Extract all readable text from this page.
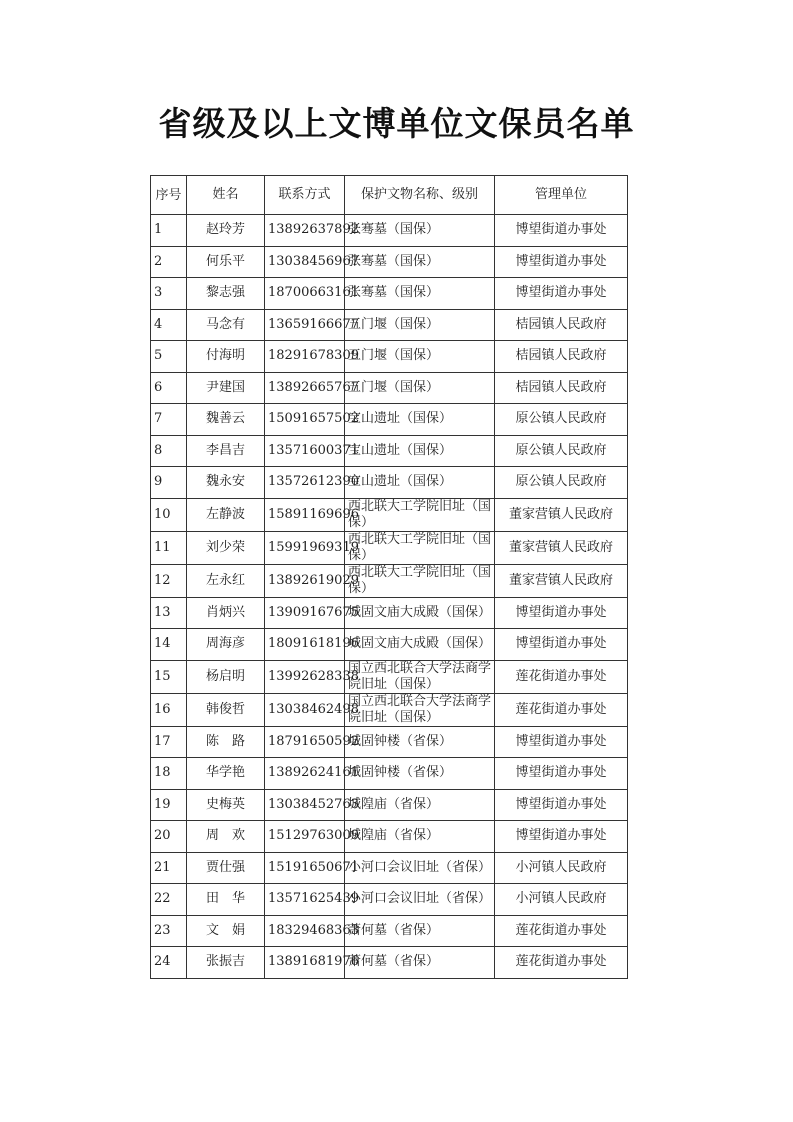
省级及以上文博单位文保员名单
序号	姓名	联系方式	保护文物名称、级别	管理单位
1	赵玲芳	13892637892	张骞墓（国保）	博望街道办事处
2	何乐平	13038456967	张骞墓（国保）	博望街道办事处
3	黎志强	18700663161	张骞墓（国保）	博望街道办事处
4	马念有	13659166677	五门堰（国保）	桔园镇人民政府
5	付海明	18291678309	五门堰（国保）	桔园镇人民政府
6	尹建国	13892665767	五门堰（国保）	桔园镇人民政府
7	魏善云	15091657502	宝山遗址（国保）	原公镇人民政府
8	李昌吉	13571600371	宝山遗址（国保）	原公镇人民政府
9	魏永安	13572612390	宝山遗址（国保）	原公镇人民政府
10	左静波	15891169696	西北联大工学院旧址（国保）	董家营镇人民政府
11	刘少荣	15991969319	西北联大工学院旧址（国保）	董家营镇人民政府
12	左永红	13892619029	西北联大工学院旧址（国保）	董家营镇人民政府
13	肖炳兴	13909167675	城固文庙大成殿（国保）	博望街道办事处
14	周海彦	18091618196	城固文庙大成殿（国保）	博望街道办事处
15	杨启明	13992628338	国立西北联合大学法商学院旧址（国保）	莲花街道办事处
16	韩俊哲	13038462498	国立西北联合大学法商学院旧址（国保）	莲花街道办事处
17	陈　路	18791650592	城固钟楼（省保）	博望街道办事处
18	华学艳	13892624161	城固钟楼（省保）	博望街道办事处
19	史梅英	13038452763	城隍庙（省保）	博望街道办事处
20	周　欢	15129763009	城隍庙（省保）	博望街道办事处
21	贾仕强	15191650671	小河口会议旧址（省保）	小河镇人民政府
22	田　华	13571625439	小河口会议旧址（省保）	小河镇人民政府
23	文　娟	18329468363	萧何墓（省保）	莲花街道办事处
24	张振吉	13891681976	萧何墓（省保）	莲花街道办事处
